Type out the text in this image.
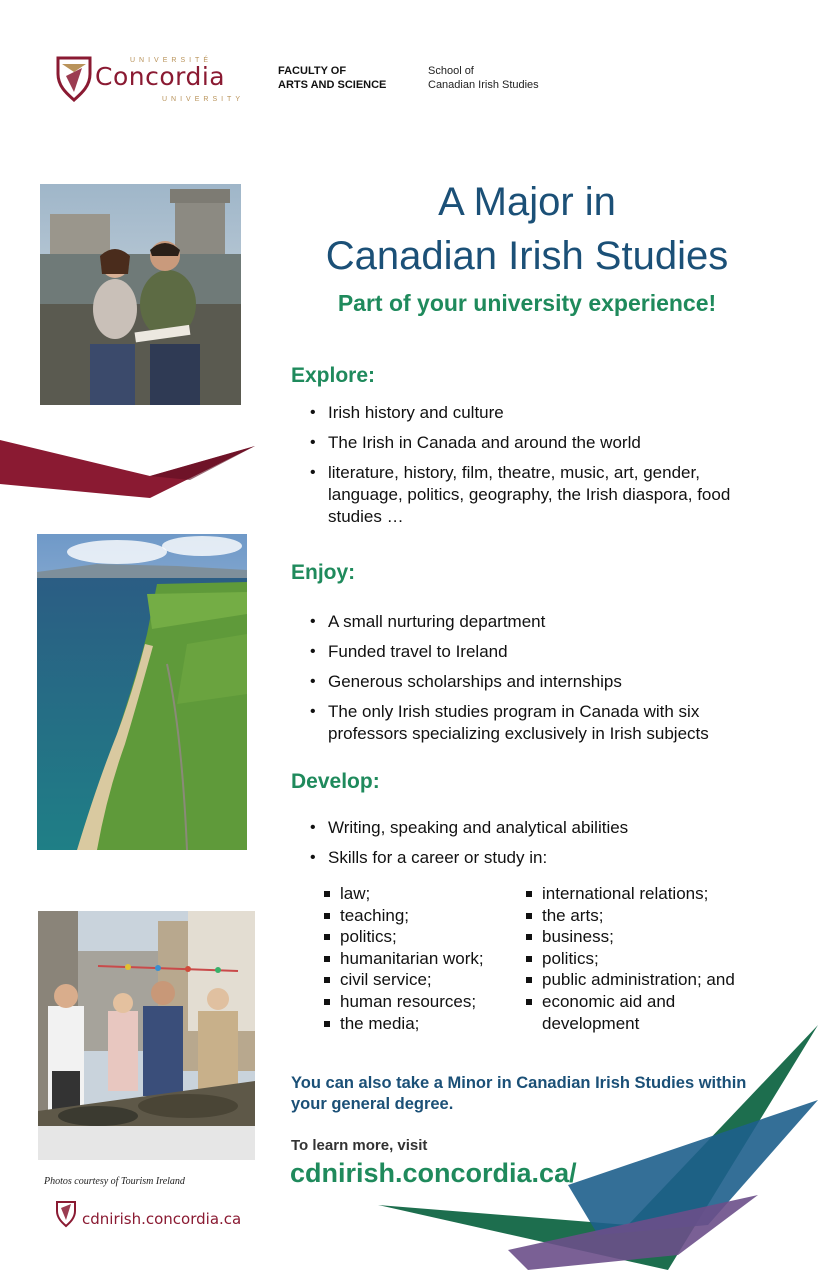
UNIVERSITÉ
Concordia
UNIVERSITY
FACULTY OF
ARTS AND SCIENCE
School of
Canadian Irish Studies
Photos courtesy of Tourism Ireland
cdnirish.concordia.ca
A Major in
Canadian Irish Studies
Part of your university experience!
Explore:
• Irish history and culture
• The Irish in Canada and around the world
• literature, history, film, theatre, music, art, gender, language, politics, geography, the Irish diaspora, food studies …
Enjoy:
• A small nurturing department
• Funded travel to Ireland
• Generous scholarships and internships
• The only Irish studies program in Canada with six professors specializing exclusively in Irish subjects
Develop:
• Writing, speaking and analytical abilities
• Skills for a career or study in:
law;
teaching;
politics;
humanitarian work;
civil service;
human resources;
the media;
international relations;
the arts;
business;
politics;
public administration; and
economic aid and development
You can also take a Minor in Canadian Irish Studies within your general degree.
To learn more, visit
cdnirish.concordia.ca/
